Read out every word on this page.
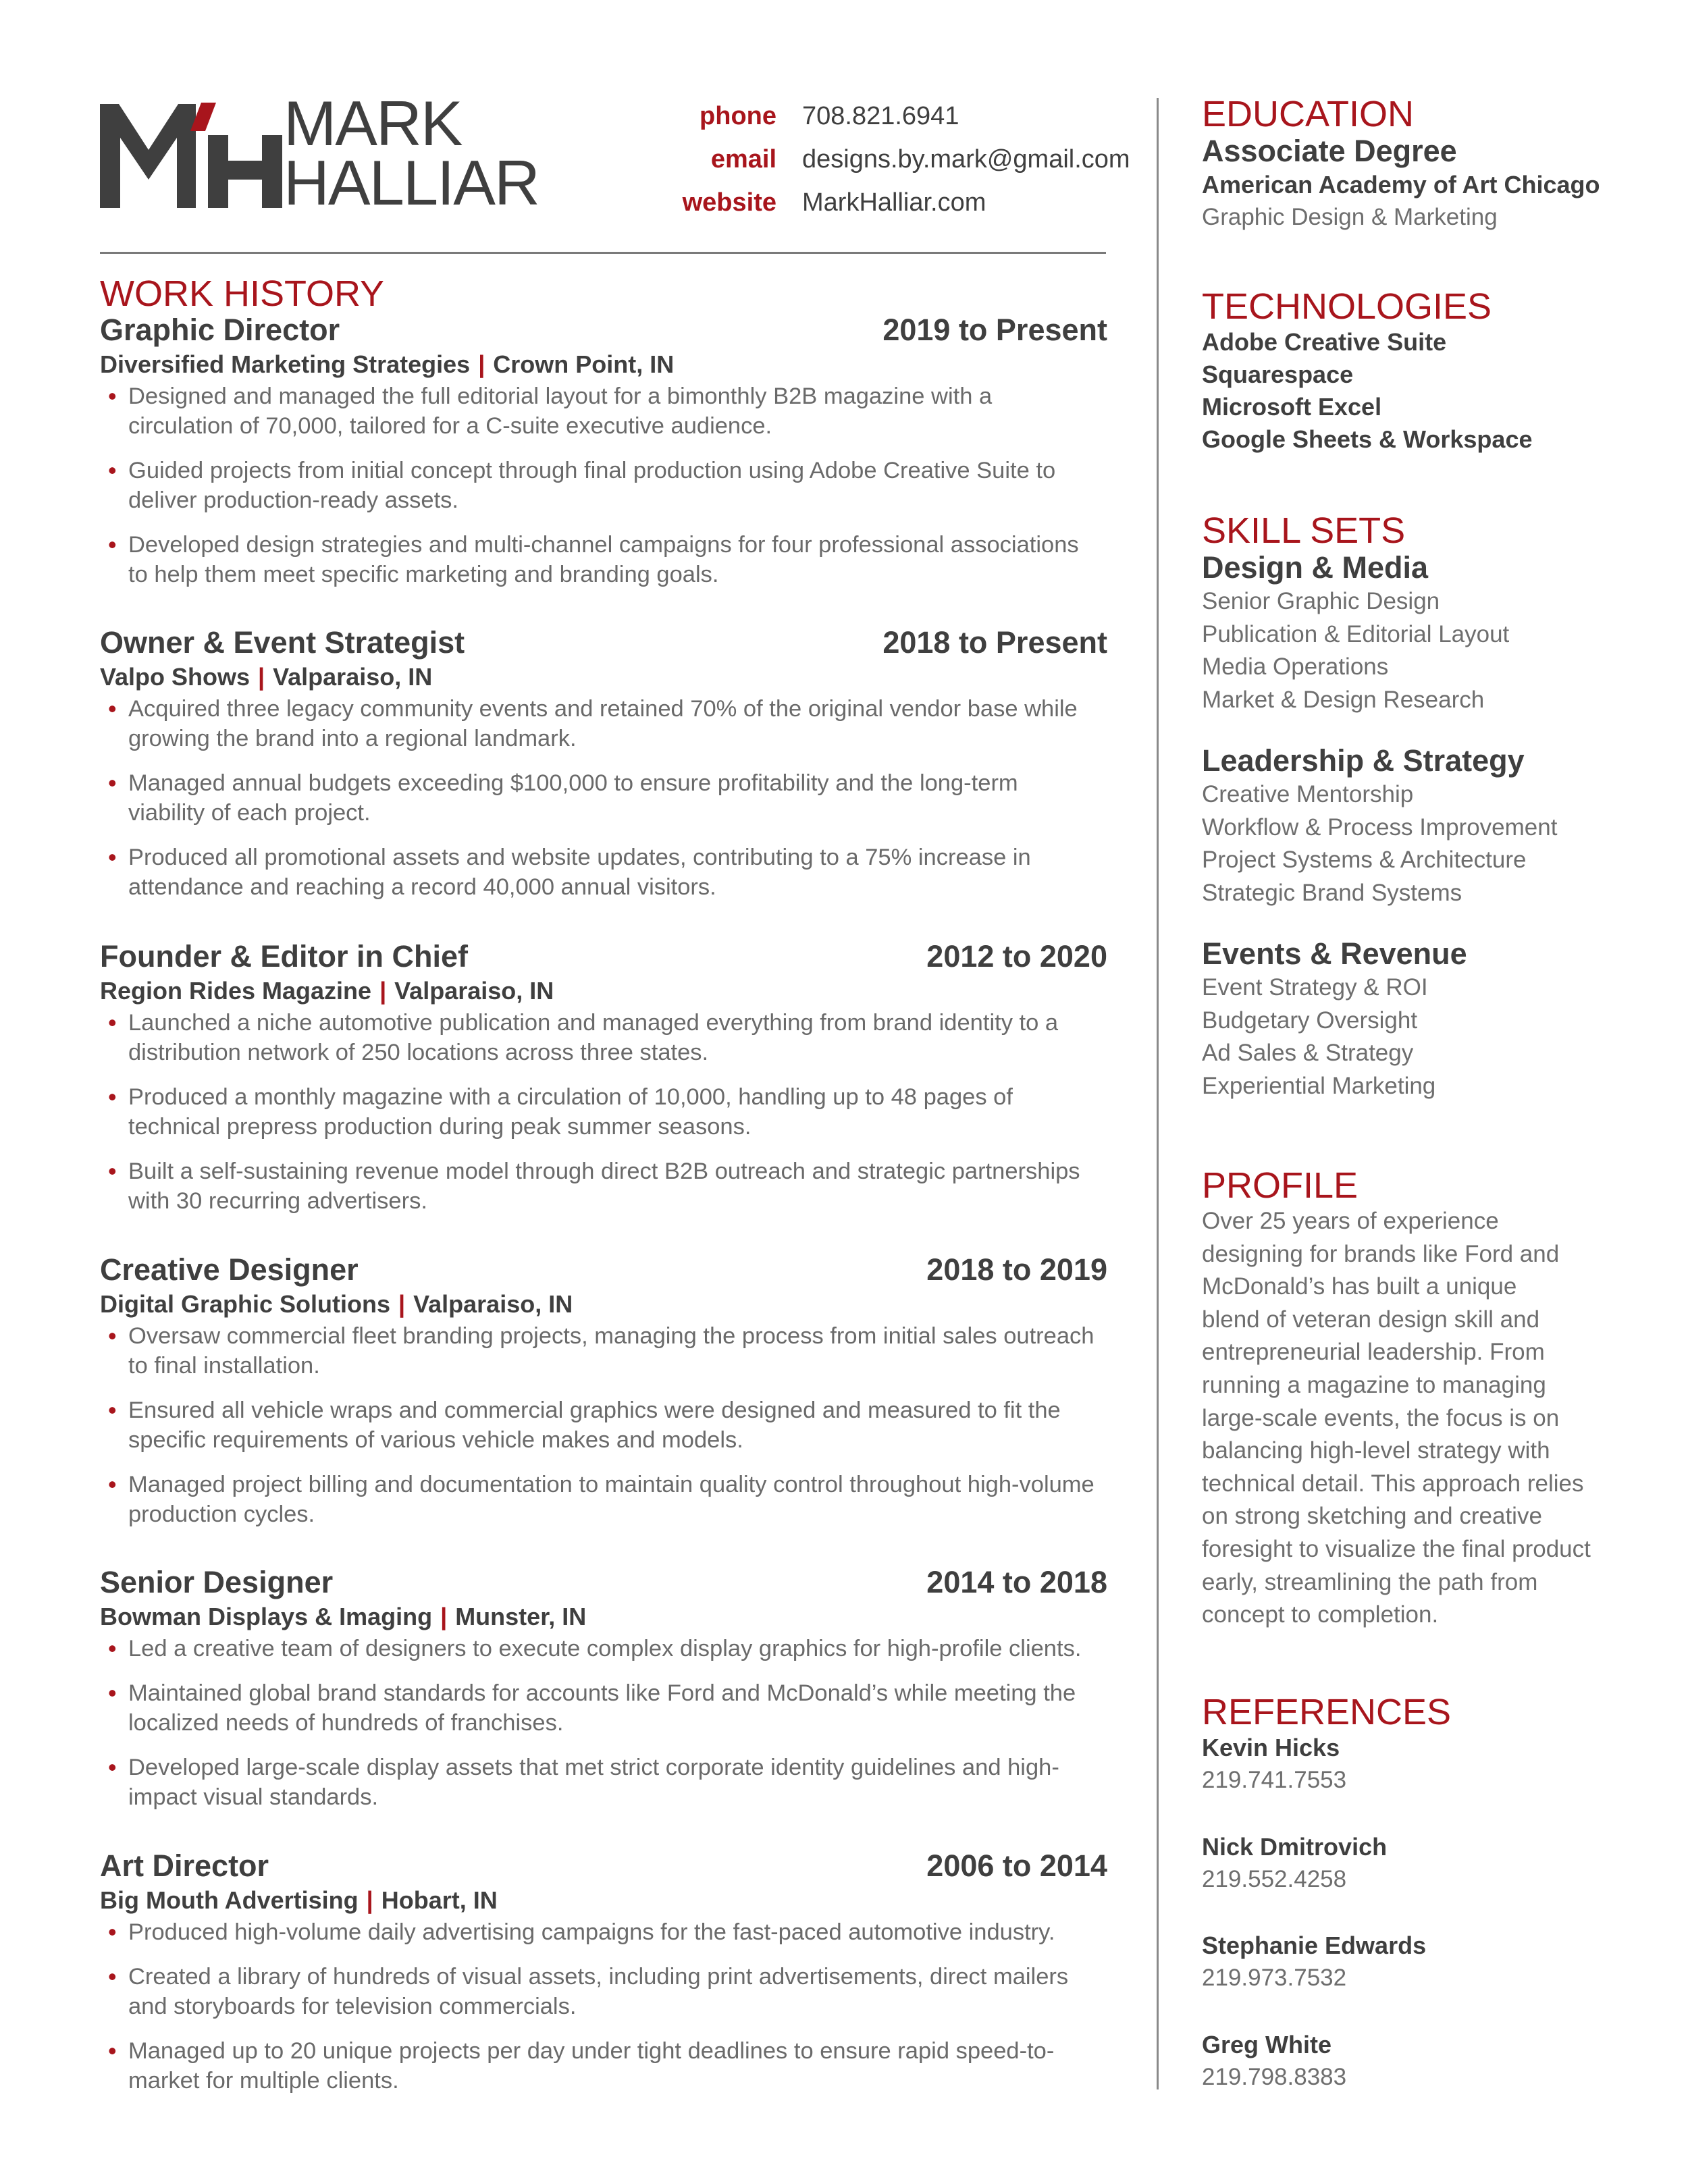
MARK
HALLIAR
phone	708.821.6941
email	designs.by.mark@gmail.com
website	MarkHalliar.com
WORK HISTORY
Graphic Director	2019 to Present
Diversified Marketing Strategies | Crown Point, IN
• Designed and managed the full editorial layout for a bimonthly B2B magazine with a circulation of 70,000, tailored for a C-suite executive audience.
• Guided projects from initial concept through final production using Adobe Creative Suite to deliver production-ready assets.
• Developed design strategies and multi-channel campaigns for four professional associations to help them meet specific marketing and branding goals.
Owner & Event Strategist	2018 to Present
Valpo Shows | Valparaiso, IN
• Acquired three legacy community events and retained 70% of the original vendor base while growing the brand into a regional landmark.
• Managed annual budgets exceeding $100,000 to ensure profitability and the long-term viability of each project.
• Produced all promotional assets and website updates, contributing to a 75% increase in attendance and reaching a record 40,000 annual visitors.
Founder & Editor in Chief	2012 to 2020
Region Rides Magazine | Valparaiso, IN
• Launched a niche automotive publication and managed everything from brand identity to a distribution network of 250 locations across three states.
• Produced a monthly magazine with a circulation of 10,000, handling up to 48 pages of technical prepress production during peak summer seasons.
• Built a self-sustaining revenue model through direct B2B outreach and strategic partnerships with 30 recurring advertisers.
Creative Designer	2018 to 2019
Digital Graphic Solutions | Valparaiso, IN
• Oversaw commercial fleet branding projects, managing the process from initial sales outreach to final installation.
• Ensured all vehicle wraps and commercial graphics were designed and measured to fit the specific requirements of various vehicle makes and models.
• Managed project billing and documentation to maintain quality control throughout high-volume production cycles.
Senior Designer	2014 to 2018
Bowman Displays & Imaging | Munster, IN
• Led a creative team of designers to execute complex display graphics for high-profile clients.
• Maintained global brand standards for accounts like Ford and McDonald’s while meeting the localized needs of hundreds of franchises.
• Developed large-scale display assets that met strict corporate identity guidelines and high-impact visual standards.
Art Director	2006 to 2014
Big Mouth Advertising | Hobart, IN
• Produced high-volume daily advertising campaigns for the fast-paced automotive industry.
• Created a library of hundreds of visual assets, including print advertisements, direct mailers and storyboards for television commercials.
• Managed up to 20 unique projects per day under tight deadlines to ensure rapid speed-to-market for multiple clients.
EDUCATION
Associate Degree
American Academy of Art Chicago
Graphic Design & Marketing
TECHNOLOGIES
Adobe Creative Suite
Squarespace
Microsoft Excel
Google Sheets & Workspace
SKILL SETS
Design & Media
Senior Graphic Design
Publication & Editorial Layout
Media Operations
Market & Design Research
Leadership & Strategy
Creative Mentorship
Workflow & Process Improvement
Project Systems & Architecture
Strategic Brand Systems
Events & Revenue
Event Strategy & ROI
Budgetary Oversight
Ad Sales & Strategy
Experiential Marketing
PROFILE
Over 25 years of experience
designing for brands like Ford and
McDonald’s has built a unique
blend of veteran design skill and
entrepreneurial leadership. From
running a magazine to managing
large-scale events, the focus is on
balancing high-level strategy with
technical detail. This approach relies
on strong sketching and creative
foresight to visualize the final product
early, streamlining the path from
concept to completion.
REFERENCES
Kevin Hicks
219.741.7553
Nick Dmitrovich
219.552.4258
Stephanie Edwards
219.973.7532
Greg White
219.798.8383
